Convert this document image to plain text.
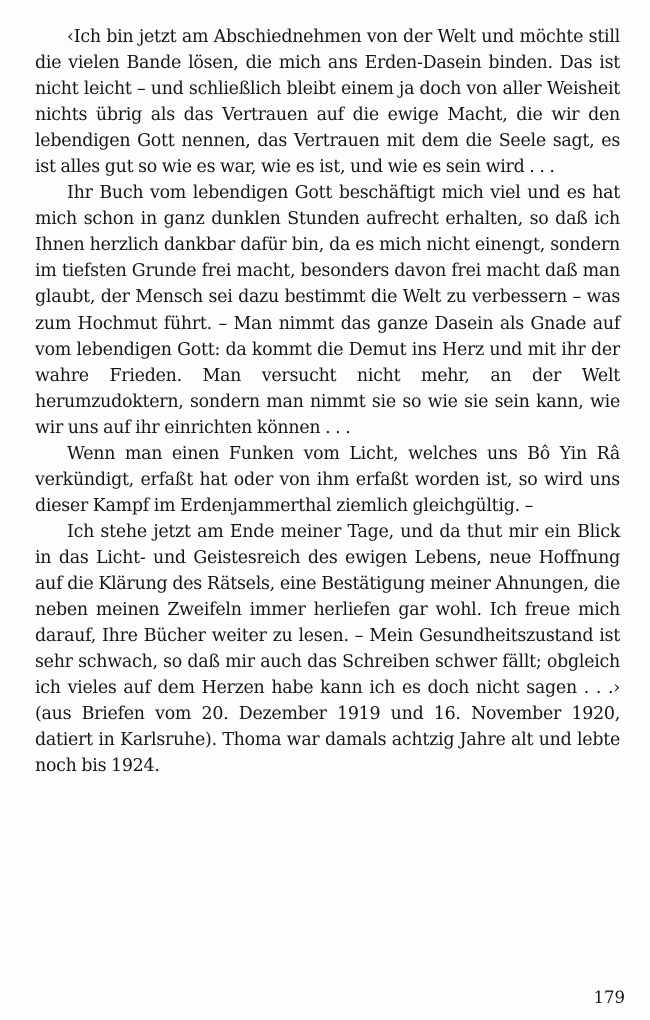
‹Ich bin jetzt am Abschiednehmen von der Welt und möchte still die vielen Bande lösen, die mich ans Erden-Dasein binden. Das ist nicht leicht – und schließlich bleibt einem ja doch von aller Weisheit nichts übrig als das Vertrauen auf die ewige Macht, die wir den lebendigen Gott nennen, das Vertrauen mit dem die Seele sagt, es ist alles gut so wie es war, wie es ist, und wie es sein wird . . .

Ihr Buch vom lebendigen Gott beschäftigt mich viel und es hat mich schon in ganz dunklen Stunden aufrecht erhalten, so daß ich Ihnen herzlich dankbar dafür bin, da es mich nicht einengt, sondern im tiefsten Grunde frei macht, besonders davon frei macht daß man glaubt, der Mensch sei dazu bestimmt die Welt zu verbessern – was zum Hochmut führt. – Man nimmt das ganze Dasein als Gnade auf vom lebendigen Gott: da kommt die Demut ins Herz und mit ihr der wahre Frieden. Man versucht nicht mehr, an der Welt herumzudoktern, sondern man nimmt sie so wie sie sein kann, wie wir uns auf ihr einrichten können . . .

Wenn man einen Funken vom Licht, welches uns Bô Yin Râ verkündigt, erfaßt hat oder von ihm erfaßt worden ist, so wird uns dieser Kampf im Erdenjammerthal ziemlich gleichgültig. –

Ich stehe jetzt am Ende meiner Tage, und da thut mir ein Blick in das Licht- und Geistesreich des ewigen Lebens, neue Hoffnung auf die Klärung des Rätsels, eine Bestätigung meiner Ahnungen, die neben meinen Zweifeln immer herliefen gar wohl. Ich freue mich darauf, Ihre Bücher weiter zu lesen. – Mein Gesundheitszustand ist sehr schwach, so daß mir auch das Schreiben schwer fällt; obgleich ich vieles auf dem Herzen habe kann ich es doch nicht sagen . . .› (aus Briefen vom 20. Dezember 1919 und 16. November 1920, datiert in Karlsruhe). Thoma war damals achtzig Jahre alt und lebte noch bis 1924.

179
